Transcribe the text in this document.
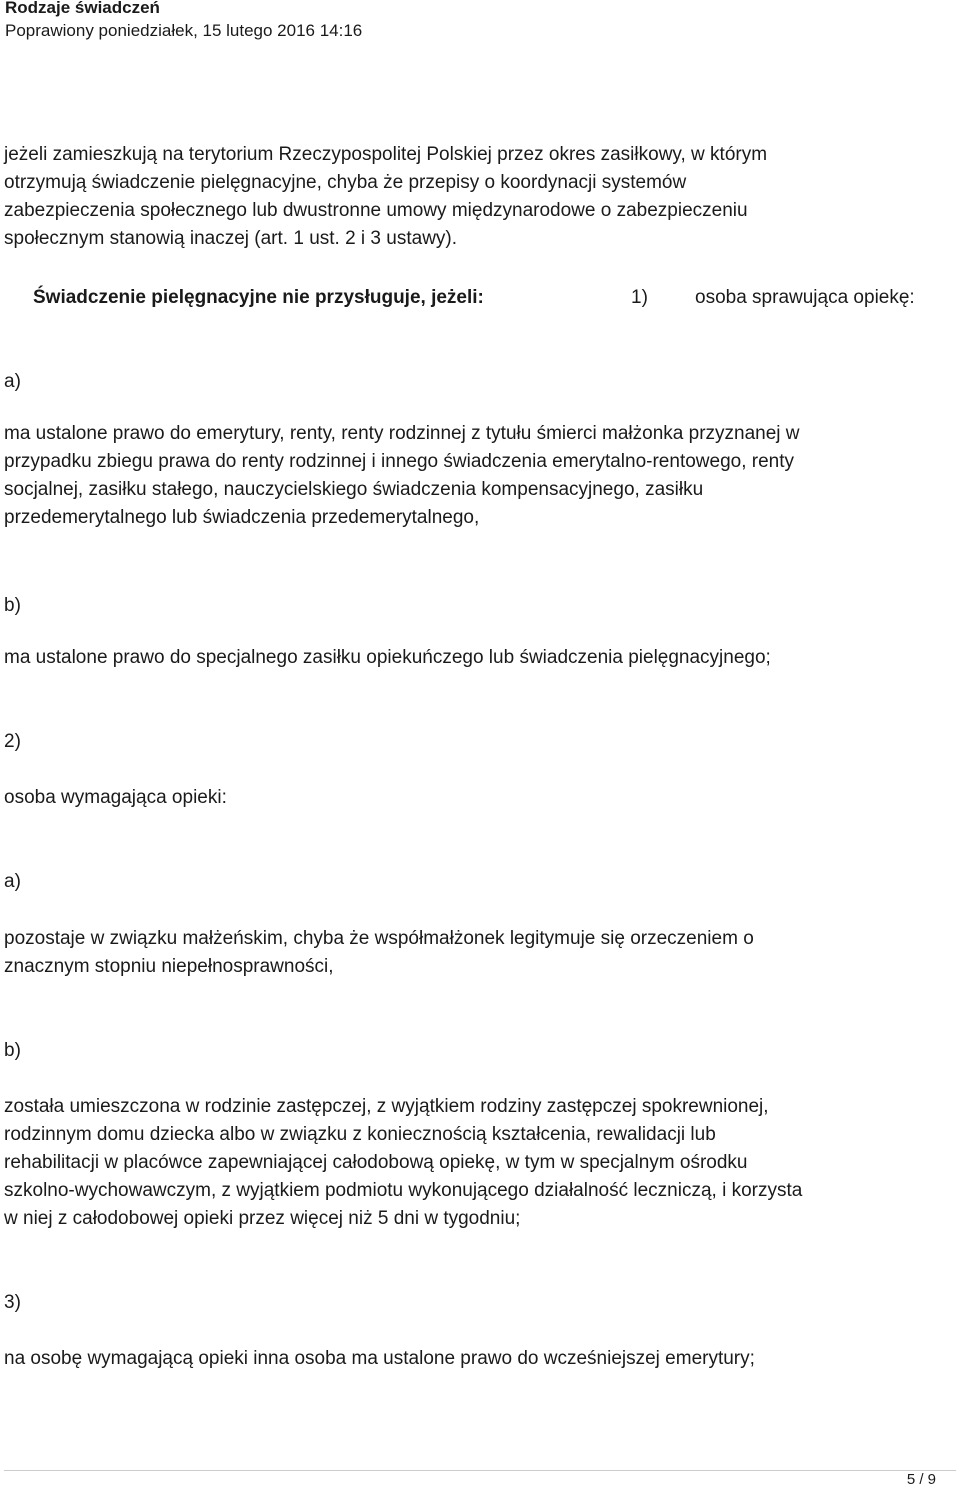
Rodzaje świadczeń
Poprawiony poniedziałek, 15 lutego 2016 14:16
jeżeli zamieszkują na terytorium Rzeczypospolitej Polskiej przez okres zasiłkowy, w którym
otrzymują świadczenie pielęgnacyjne, chyba że przepisy o koordynacji systemów
zabezpieczenia społecznego lub dwustronne umowy międzynarodowe o zabezpieczeniu
społecznym stanowią inaczej (art. 1 ust. 2 i 3 ustawy).
Świadczenie pielęgnacyjne nie przysługuje, jeżeli:	1) osoba sprawująca opiekę:
a)
ma ustalone prawo do emerytury, renty, renty rodzinnej z tytułu śmierci małżonka przyznanej w
przypadku zbiegu prawa do renty rodzinnej i innego świadczenia emerytalno-rentowego, renty
socjalnej, zasiłku stałego, nauczycielskiego świadczenia kompensacyjnego, zasiłku
przedemerytalnego lub świadczenia przedemerytalnego,
b)
ma ustalone prawo do specjalnego zasiłku opiekuńczego lub świadczenia pielęgnacyjnego;
2)
osoba wymagająca opieki:
a)
pozostaje w związku małżeńskim, chyba że współmałżonek legitymuje się orzeczeniem o
znacznym stopniu niepełnosprawności,
b)
została umieszczona w rodzinie zastępczej, z wyjątkiem rodziny zastępczej spokrewnionej,
rodzinnym domu dziecka albo w związku z koniecznością kształcenia, rewalidacji lub
rehabilitacji w placówce zapewniającej całodobową opiekę, w tym w specjalnym ośrodku
szkolno-wychowawczym, z wyjątkiem podmiotu wykonującego działalność leczniczą, i korzysta
w niej z całodobowej opieki przez więcej niż 5 dni w tygodniu;
3)
na osobę wymagającą opieki inna osoba ma ustalone prawo do wcześniejszej emerytury;
5 / 9
